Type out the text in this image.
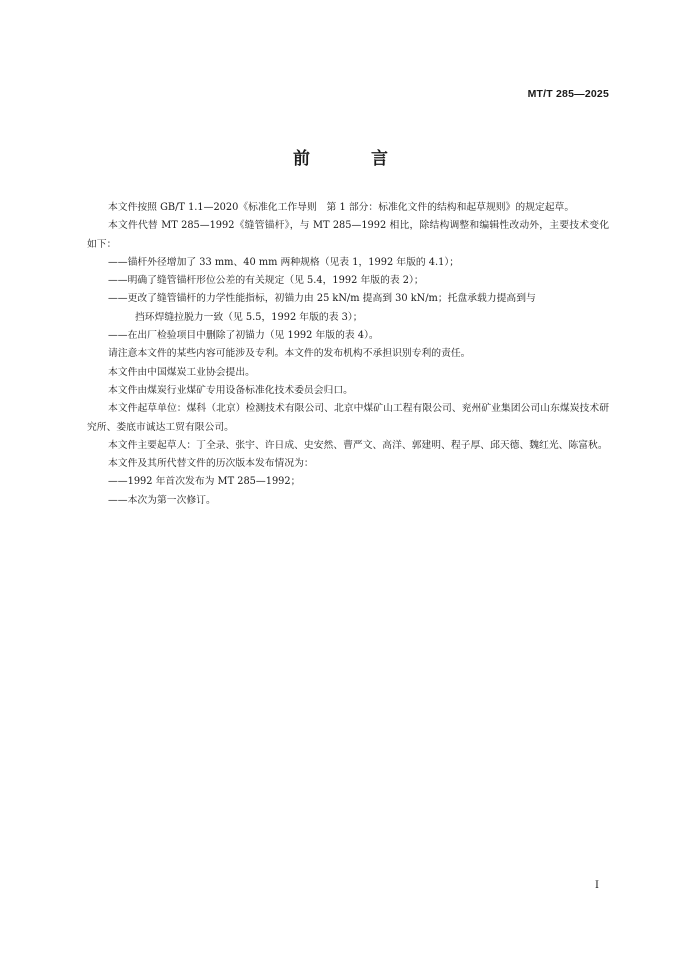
MT/T 285—2025
前　言

本文件按照 GB/T 1.1—2020《标准化工作导则　第 1 部分：标准化文件的结构和起草规则》的规定起草。

本文件代替 MT 285—1992《缝管锚杆》，与 MT 285—1992 相比，除结构调整和编辑性改动外，主要技术变化如下：

——锚杆外径增加了 33 mm、40 mm 两种规格（见表 1，1992 年版的 4.1）；

——明确了缝管锚杆形位公差的有关规定（见 5.4，1992 年版的表 2）；

——更改了缝管锚杆的力学性能指标，初锚力由 25 kN/m 提高到 30 kN/m；托盘承载力提高到与

挡环焊缝拉脱力一致（见 5.5，1992 年版的表 3）；

——在出厂检验项目中删除了初锚力（见 1992 年版的表 4）。

请注意本文件的某些内容可能涉及专利。本文件的发布机构不承担识别专利的责任。

本文件由中国煤炭工业协会提出。

本文件由煤炭行业煤矿专用设备标准化技术委员会归口。

本文件起草单位：煤科（北京）检测技术有限公司、北京中煤矿山工程有限公司、兖州矿业集团公司山东煤炭技术研究所、娄底市诚达工贸有限公司。

本文件主要起草人：丁全录、张宇、许日成、史安然、曹严文、高洋、郭建明、程子厚、邱天德、魏红光、陈富秋。

本文件及其所代替文件的历次版本发布情况为：

——1992 年首次发布为 MT 285—1992；

——本次为第一次修订。

I
